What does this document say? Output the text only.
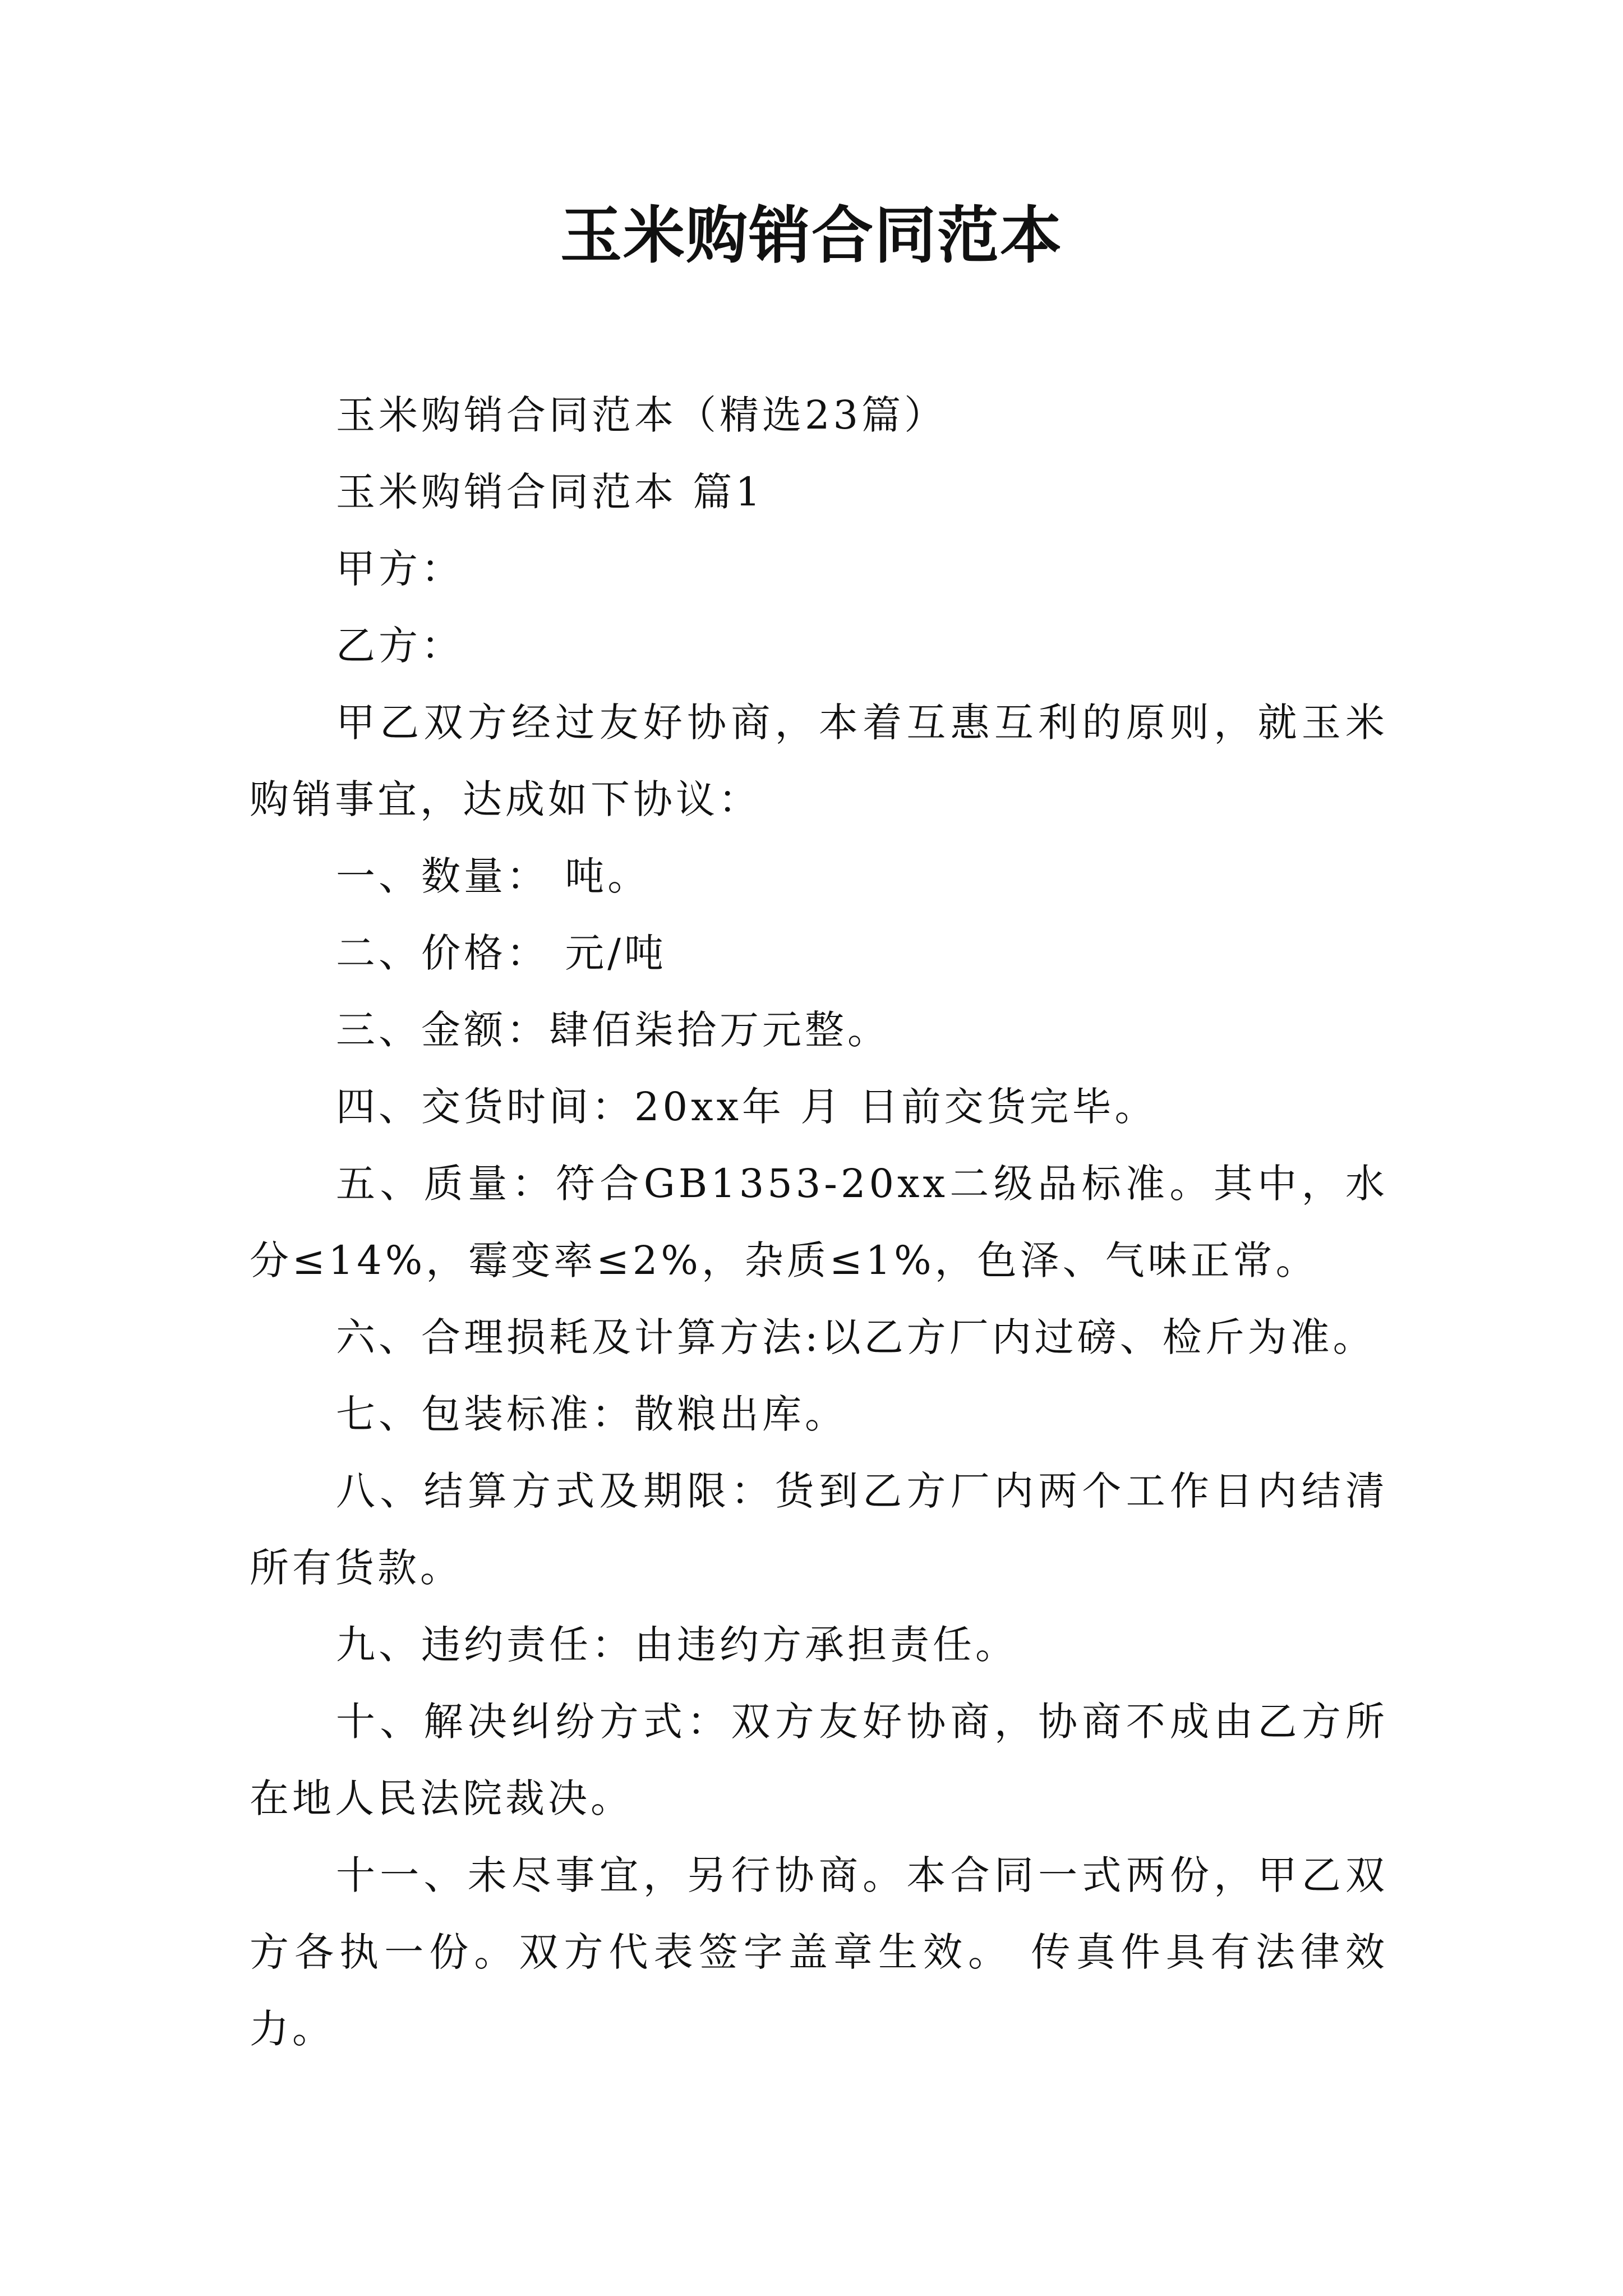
玉米购销合同范本

玉米购销合同范本（精选23篇）

玉米购销合同范本 篇1

甲方：

乙方：

甲乙双方经过友好协商，本着互惠互利的原则，就玉米购销事宜，达成如下协议：

一、数量： 吨。

二、价格： 元/吨

三、金额：肆佰柒拾万元整。

四、交货时间：20xx年 月 日前交货完毕。

五、质量：符合GB1353-20xx二级品标准。其中，水分≤14%，霉变率≤2%，杂质≤1%，色泽、气味正常。

六、合理损耗及计算方法:以乙方厂内过磅、检斤为准。

七、包装标准：散粮出库。

八、结算方式及期限：货到乙方厂内两个工作日内结清所有货款。

九、违约责任：由违约方承担责任。

十、解决纠纷方式：双方友好协商，协商不成由乙方所在地人民法院裁决。

十一、未尽事宜，另行协商。本合同一式两份，甲乙双方各执一份。双方代表签字盖章生效。 传真件具有法律效力。
